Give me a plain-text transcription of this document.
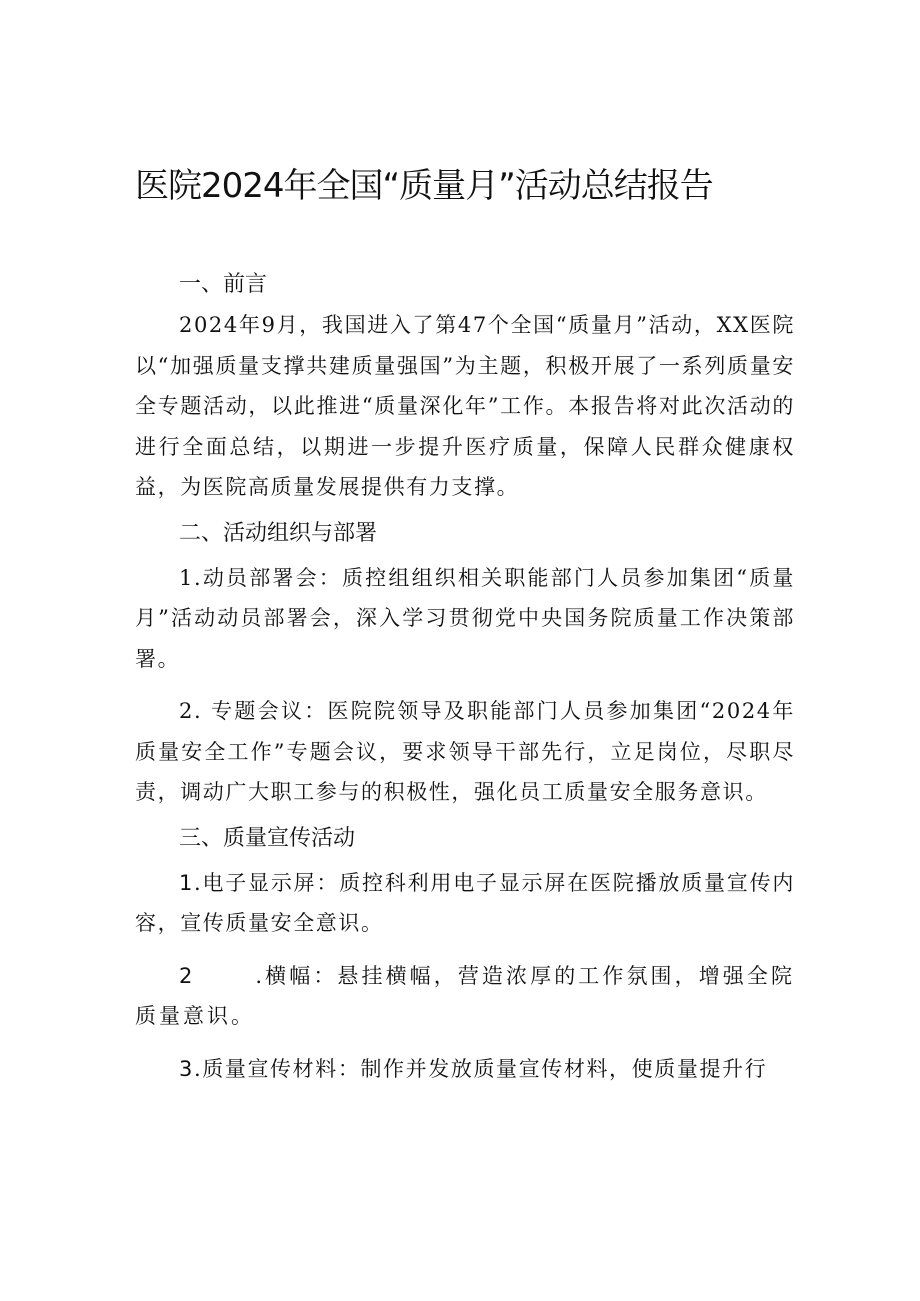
医院2024年全国“质量月”活动总结报告
一、前言

2024年9月，我国进入了第47个全国“质量月”活动，XX医院以“加强质量支撑共建质量强国”为主题，积极开展了一系列质量安全专题活动，以此推进“质量深化年”工作。本报告将对此次活动的进行全面总结，以期进一步提升医疗质量，保障人民群众健康权益，为医院高质量发展提供有力支撑。

二、活动组织与部署

1.动员部署会：质控组组织相关职能部门人员参加集团“质量月”活动动员部署会，深入学习贯彻党中央国务院质量工作决策部署。

2. 专题会议：医院院领导及职能部门人员参加集团“2024年质量安全工作”专题会议，要求领导干部先行，立足岗位，尽职尽责，调动广大职工参与的积极性，强化员工质量安全服务意识。

三、质量宣传活动

1.电子显示屏：质控科利用电子显示屏在医院播放质量宣传内容，宣传质量安全意识。

2	.横幅：悬挂横幅，营造浓厚的工作氛围，增强全院质量意识。

3.质量宣传材料：制作并发放质量宣传材料，使质量提升行
